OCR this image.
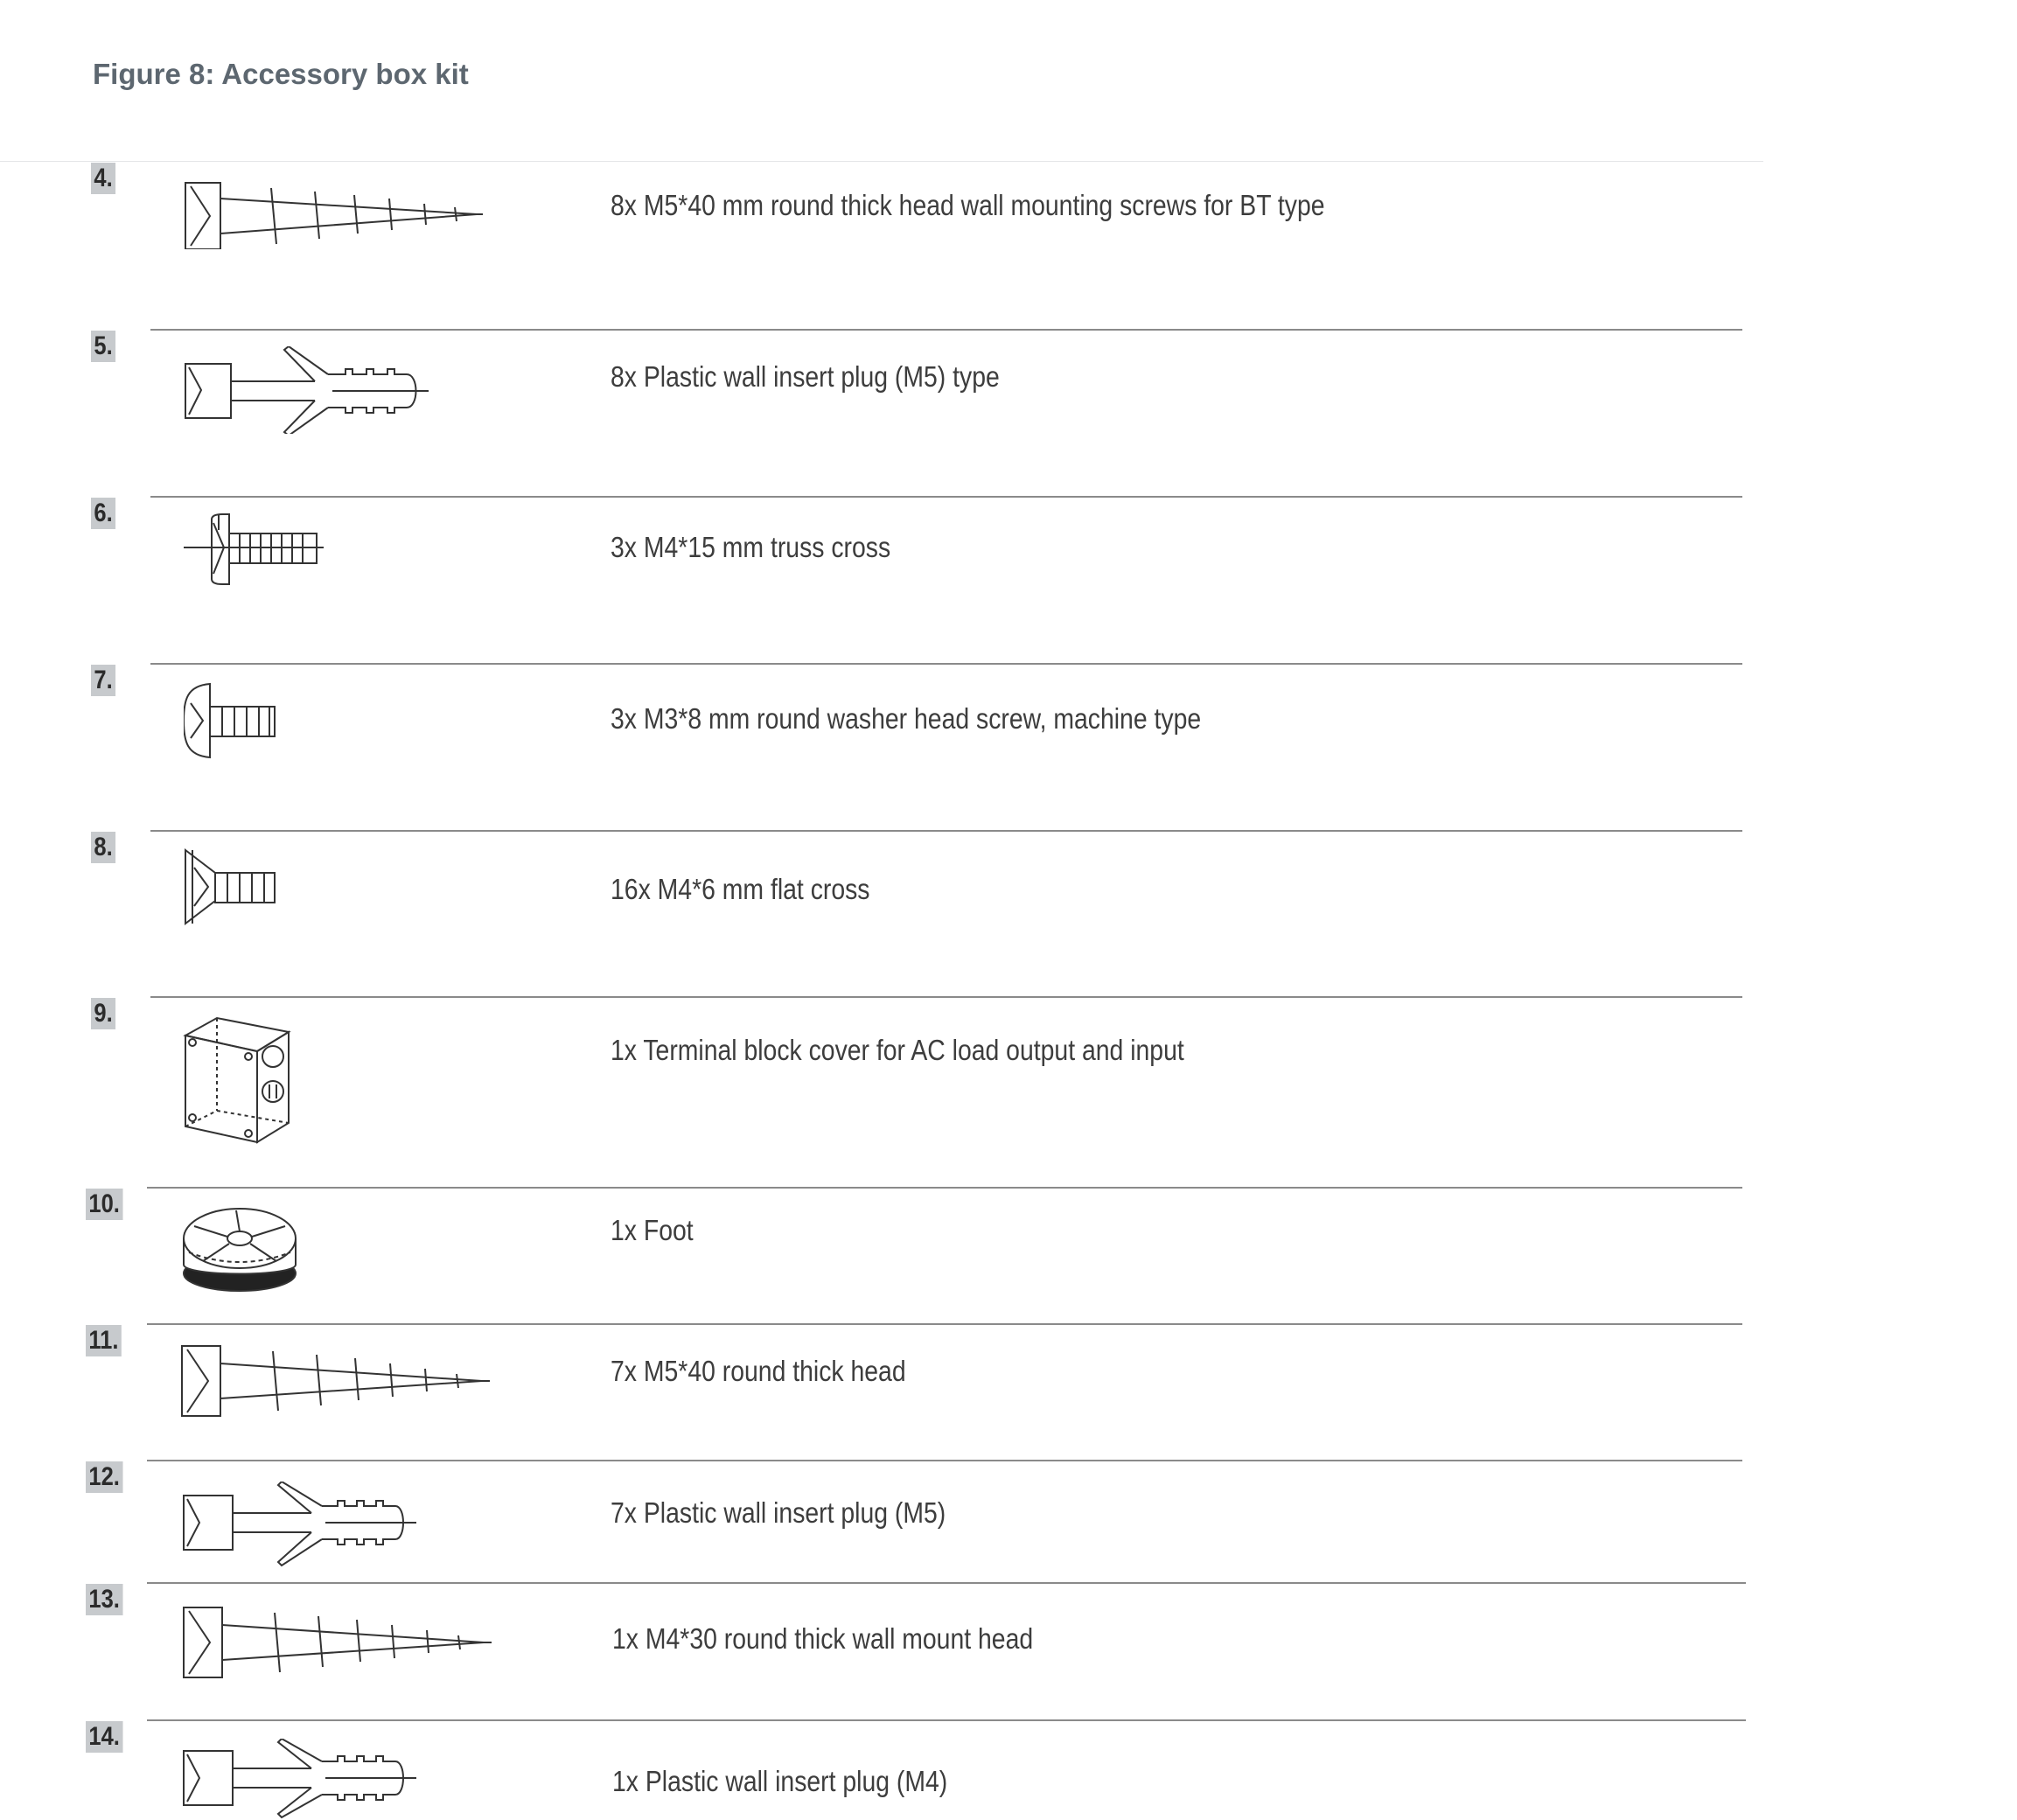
Figure 8: Accessory box kit
4.
8x M5*40 mm round thick head wall mounting screws for BT type
5.
8x Plastic wall insert plug (M5) type
6.
3x M4*15 mm truss cross
7.
3x M3*8 mm round washer head screw, machine type
8.
16x M4*6 mm flat cross
9.
1x Terminal block cover for AC load output and input
10.
1x Foot
11.
7x M5*40 round thick head
12.
7x Plastic wall insert plug (M5)
13.
1x M4*30 round thick wall mount head
14.
1x Plastic wall insert plug (M4)
